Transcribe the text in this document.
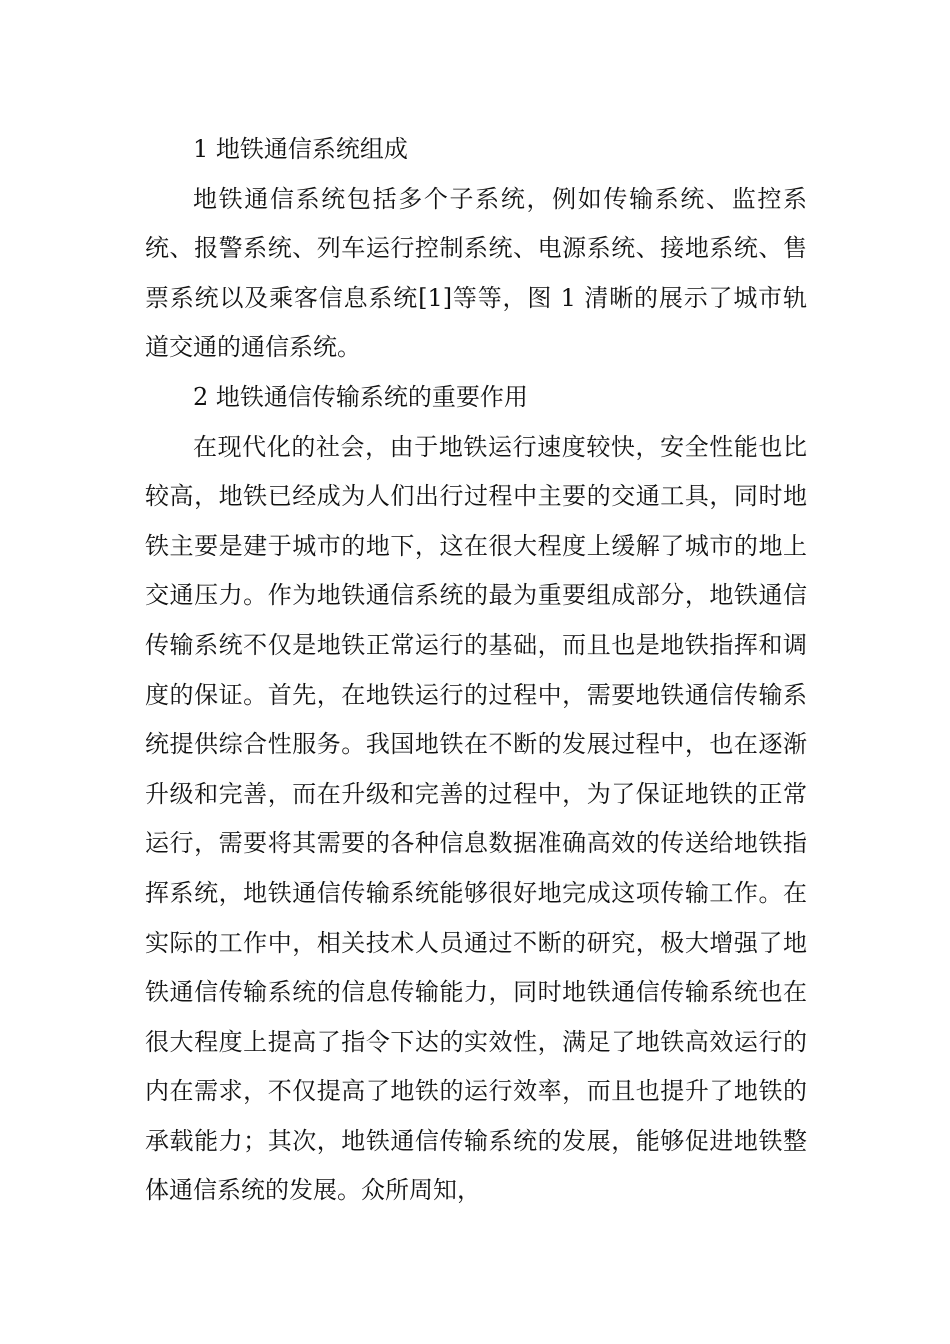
1 地铁通信系统组成

地铁通信系统包括多个子系统，例如传输系统、监控系统、报警系统、列车运行控制系统、电源系统、接地系统、售票系统以及乘客信息系统[1]等等，图 1 清晰的展示了城市轨道交通的通信系统。

2 地铁通信传输系统的重要作用

在现代化的社会，由于地铁运行速度较快，安全性能也比较高，地铁已经成为人们出行过程中主要的交通工具，同时地铁主要是建于城市的地下，这在很大程度上缓解了城市的地上交通压力。作为地铁通信系统的最为重要组成部分，地铁通信传输系统不仅是地铁正常运行的基础，而且也是地铁指挥和调度的保证。首先，在地铁运行的过程中，需要地铁通信传输系统提供综合性服务。我国地铁在不断的发展过程中，也在逐渐升级和完善，而在升级和完善的过程中，为了保证地铁的正常运行，需要将其需要的各种信息数据准确高效的传送给地铁指挥系统，地铁通信传输系统能够很好地完成这项传输工作。在实际的工作中，相关技术人员通过不断的研究，极大增强了地铁通信传输系统的信息传输能力，同时地铁通信传输系统也在很大程度上提高了指令下达的实效性，满足了地铁高效运行的内在需求，不仅提高了地铁的运行效率，而且也提升了地铁的承载能力；其次，地铁通信传输系统的发展，能够促进地铁整体通信系统的发展。众所周知，
